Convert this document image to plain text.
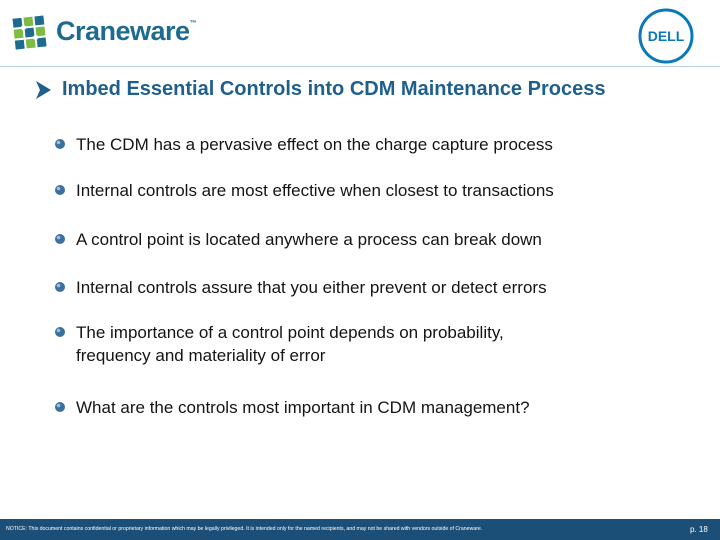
Craneware™
DELL
Imbed Essential Controls into CDM Maintenance Process
The CDM has a pervasive effect on the charge capture process
Internal controls are most effective when closest to transactions
A control point is located anywhere a process can break down
Internal controls assure that you either prevent or detect errors
The importance of a control point depends on probability,
frequency and materiality of error
What are the controls most important in CDM management?
NOTICE: This document contains confidential or proprietary information which may be legally privileged. It is intended only for the named recipients, and may not be shared with vendors outside of Craneware.	p. 18
